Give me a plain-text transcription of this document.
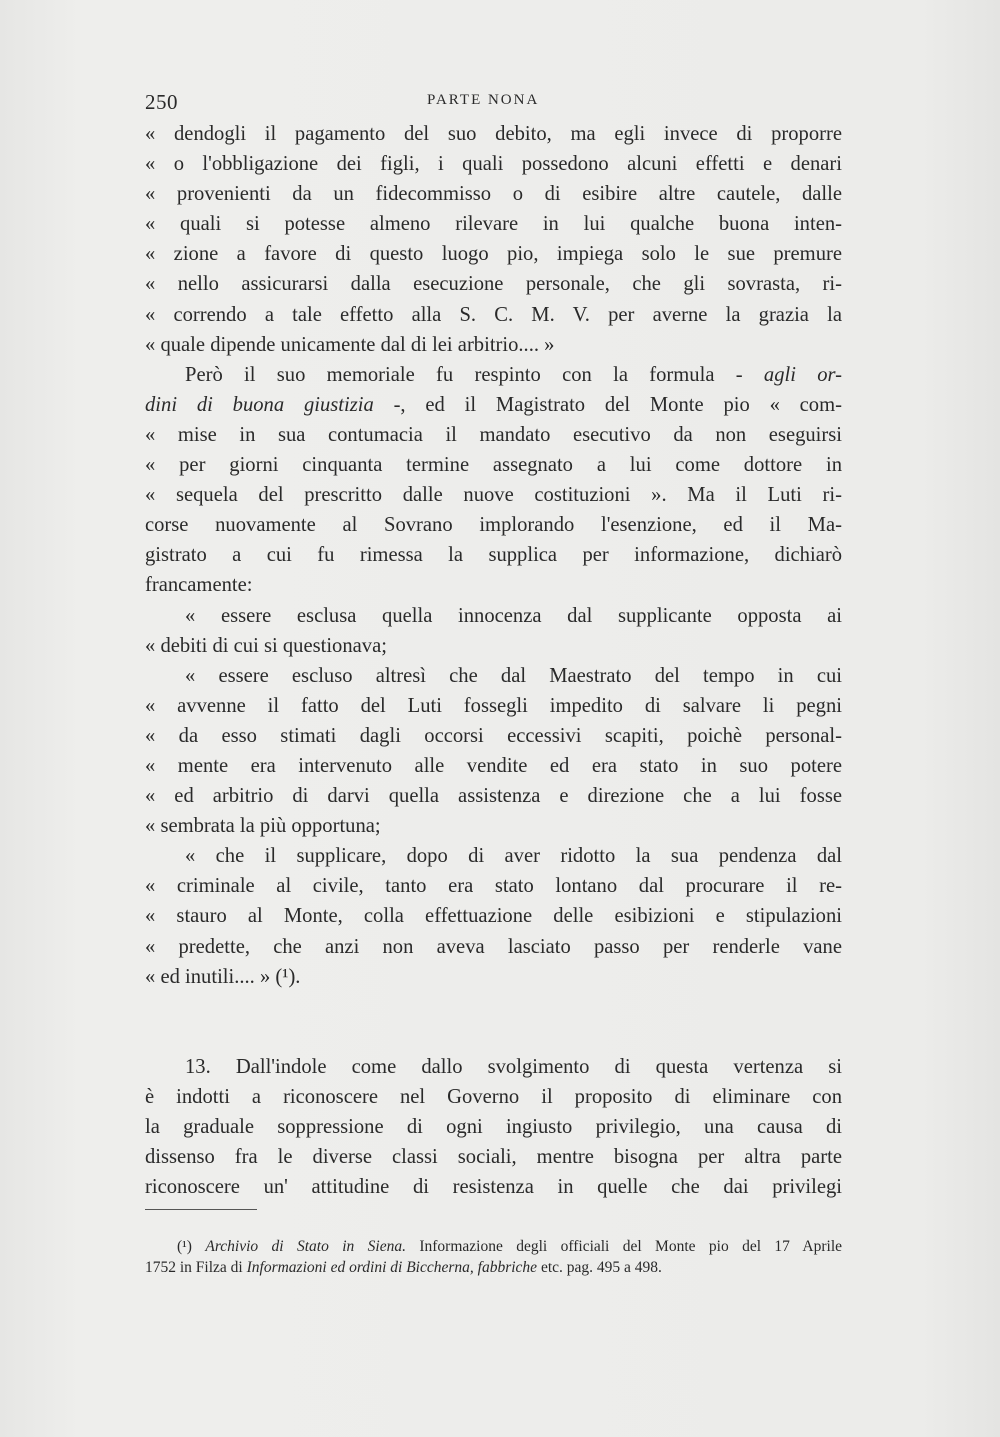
250	PARTE NONA
« dendogli il pagamento del suo debito, ma egli invece di proporre
« o l'obbligazione dei figli, i quali possedono alcuni effetti e denari
« provenienti da un fidecommisso o di esibire altre cautele, dalle
« quali si potesse almeno rilevare in lui qualche buona inten-
« zione a favore di questo luogo pio, impiega solo le sue premure
« nello assicurarsi dalla esecuzione personale, che gli sovrasta, ri-
« correndo a tale effetto alla S. C. M. V. per averne la grazia la
« quale dipende unicamente dal di lei arbitrio.... »
Però il suo memoriale fu respinto con la formula - agli or-
dini di buona giustizia -, ed il Magistrato del Monte pio « com-
« mise in sua contumacia il mandato esecutivo da non eseguirsi
« per giorni cinquanta termine assegnato a lui come dottore in
« sequela del prescritto dalle nuove costituzioni ». Ma il Luti ri-
corse nuovamente al Sovrano implorando l'esenzione, ed il Ma-
gistrato a cui fu rimessa la supplica per informazione, dichiarò
francamente:
« essere esclusa quella innocenza dal supplicante opposta ai
« debiti di cui si questionava;
« essere escluso altresì che dal Maestrato del tempo in cui
« avvenne il fatto del Luti fossegli impedito di salvare li pegni
« da esso stimati dagli occorsi eccessivi scapiti, poichè personal-
« mente era intervenuto alle vendite ed era stato in suo potere
« ed arbitrio di darvi quella assistenza e direzione che a lui fosse
« sembrata la più opportuna;
« che il supplicare, dopo di aver ridotto la sua pendenza dal
« criminale al civile, tanto era stato lontano dal procurare il re-
« stauro al Monte, colla effettuazione delle esibizioni e stipulazioni
« predette, che anzi non aveva lasciato passo per renderle vane
« ed inutili.... » (¹).
13. Dall'indole come dallo svolgimento di questa vertenza si
è indotti a riconoscere nel Governo il proposito di eliminare con
la graduale soppressione di ogni ingiusto privilegio, una causa di
dissenso fra le diverse classi sociali, mentre bisogna per altra parte
riconoscere un' attitudine di resistenza in quelle che dai privilegi
(¹) Archivio di Stato in Siena. Informazione degli officiali del Monte pio del 17 Aprile
1752 in Filza di Informazioni ed ordini di Biccherna, fabbriche etc. pag. 495 a 498.
